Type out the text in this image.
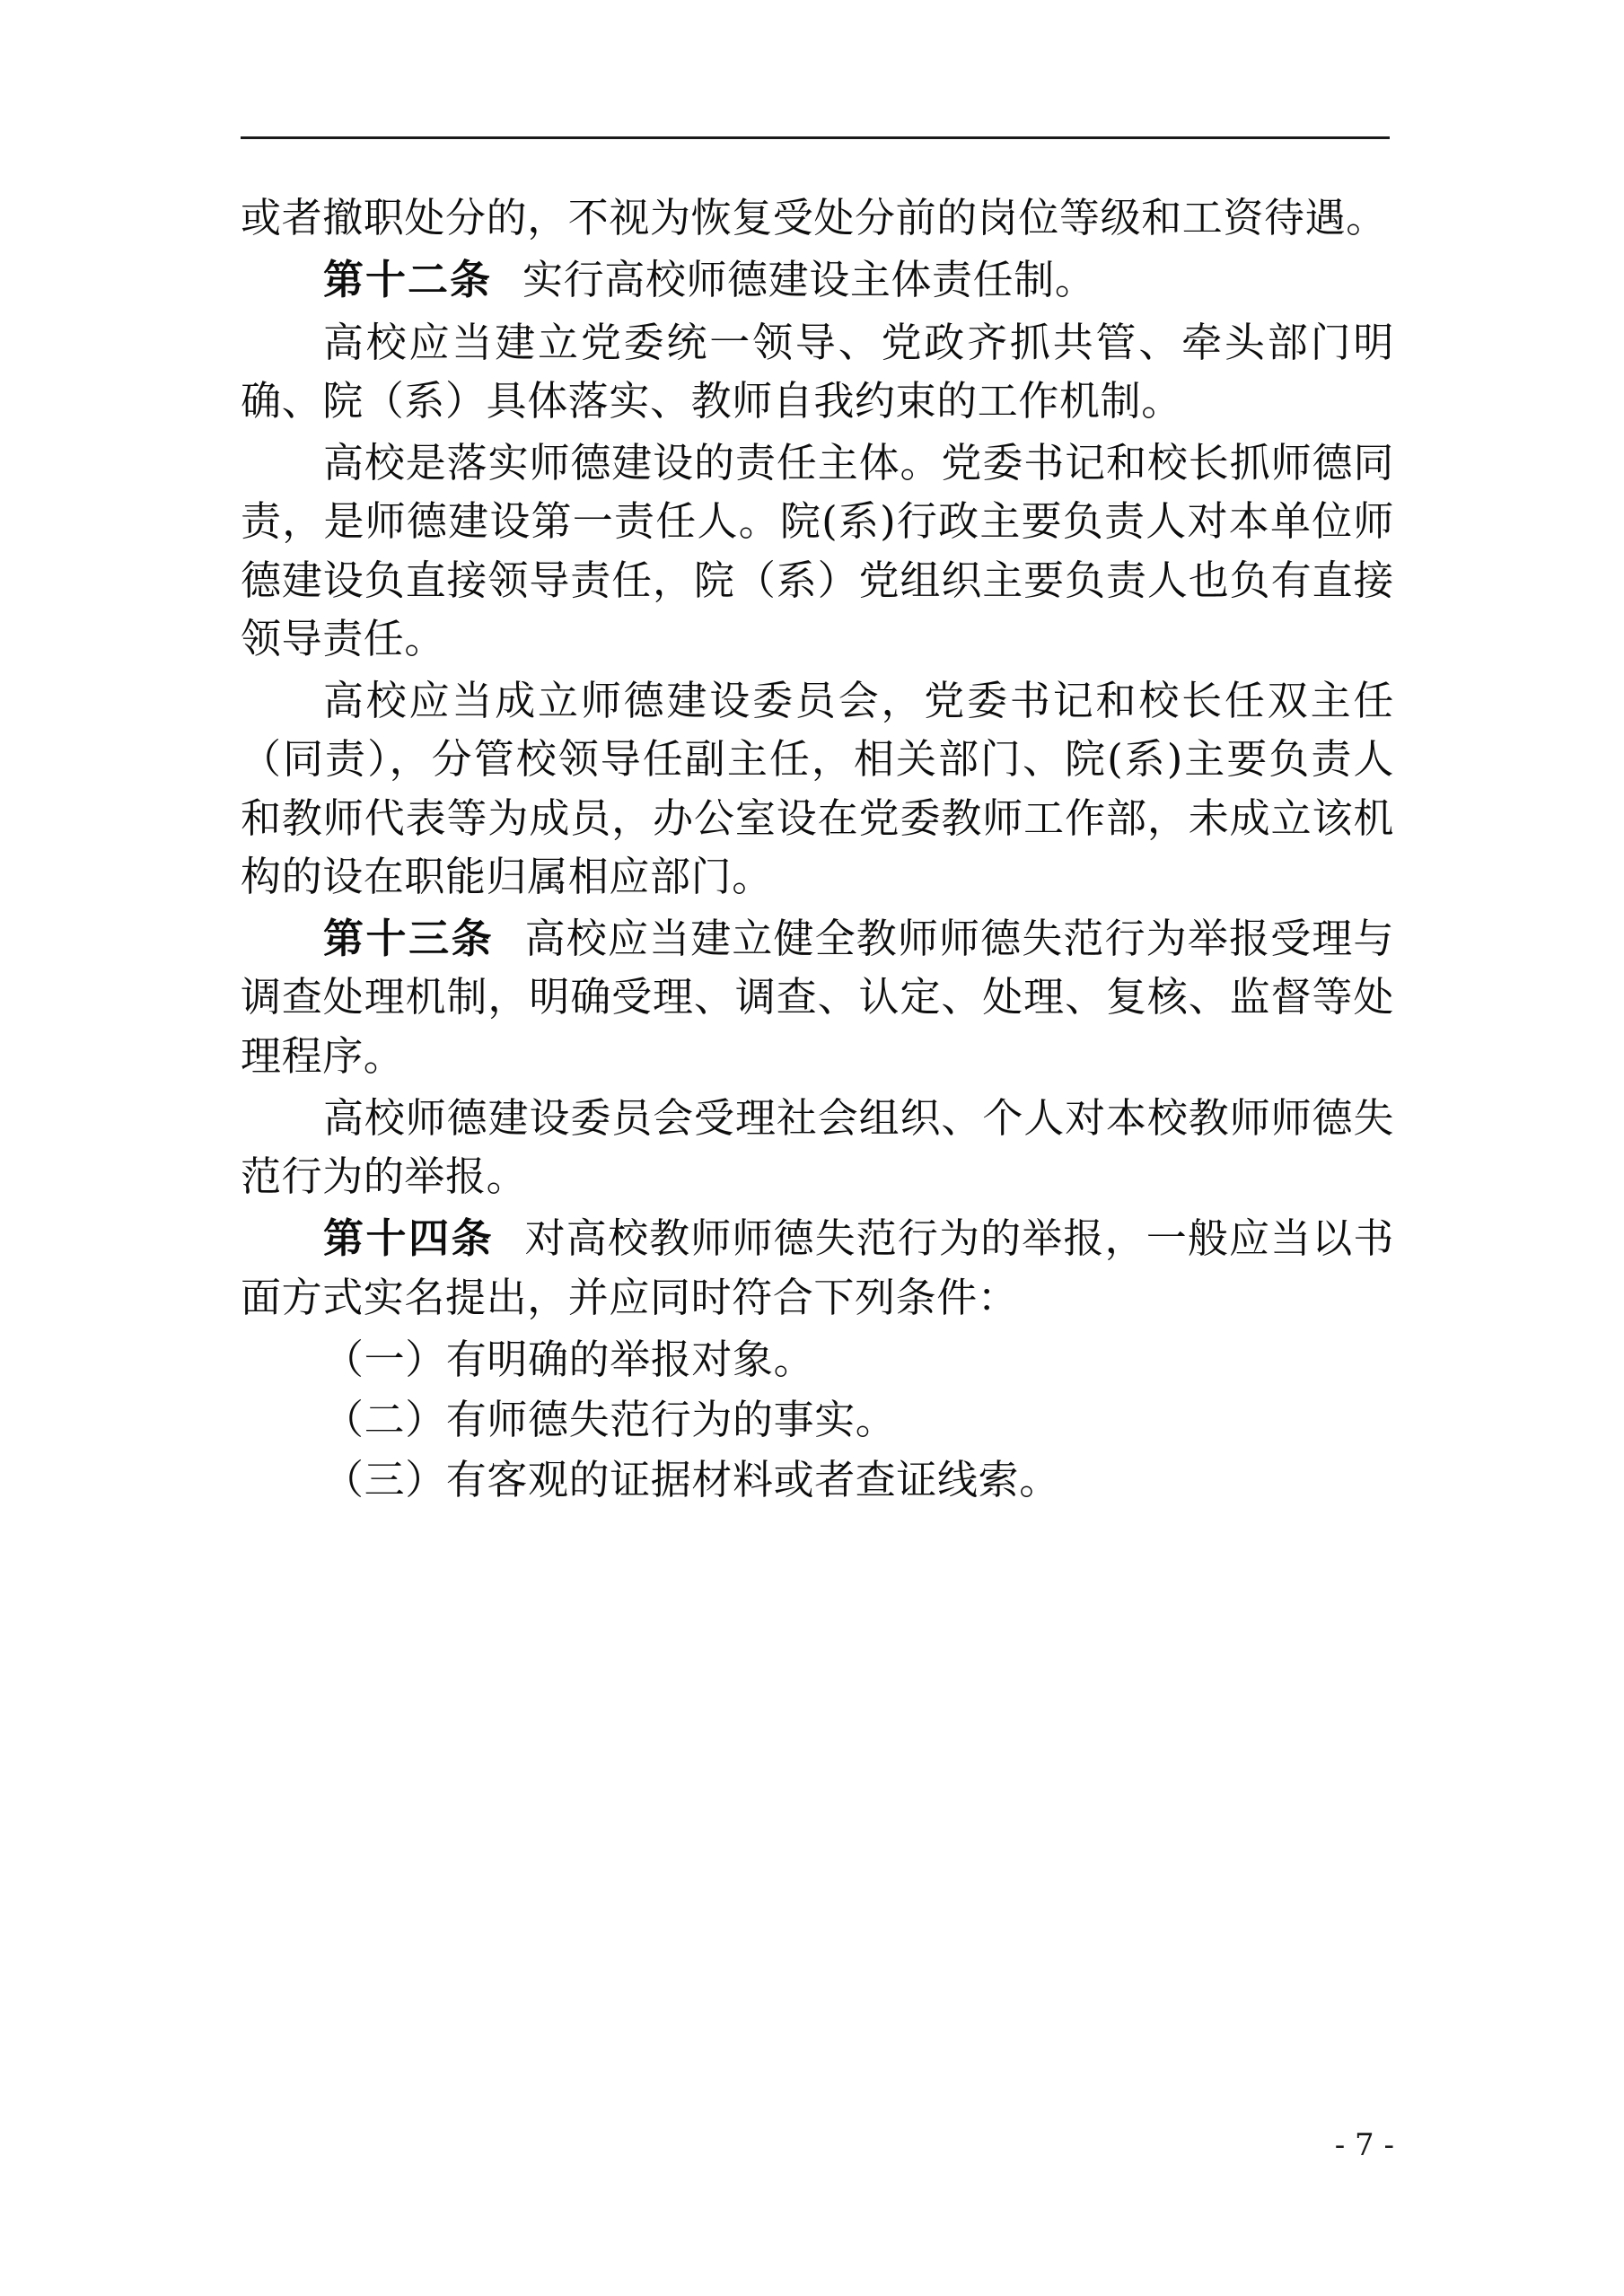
或者撤职处分的，不视为恢复受处分前的岗位等级和工资待遇。

第十二条 实行高校师德建设主体责任制。

高校应当建立党委统一领导、党政齐抓共管、牵头部门明确、院（系）具体落实、教师自我约束的工作机制。

高校是落实师德建设的责任主体。党委书记和校长抓师德同责，是师德建设第一责任人。院(系)行政主要负责人对本单位师德建设负直接领导责任，院（系）党组织主要负责人也负有直接领导责任。

高校应当成立师德建设委员会，党委书记和校长任双主任（同责），分管校领导任副主任，相关部门、院(系)主要负责人和教师代表等为成员，办公室设在党委教师工作部，未成立该机构的设在职能归属相应部门。

第十三条 高校应当建立健全教师师德失范行为举报受理与调查处理机制，明确受理、调查、认定、处理、复核、监督等处理程序。

高校师德建设委员会受理社会组织、个人对本校教师师德失范行为的举报。

第十四条 对高校教师师德失范行为的举报，一般应当以书面方式实名提出，并应同时符合下列条件：

（一）有明确的举报对象。

（二）有师德失范行为的事实。

（三）有客观的证据材料或者查证线索。

- 7 -
